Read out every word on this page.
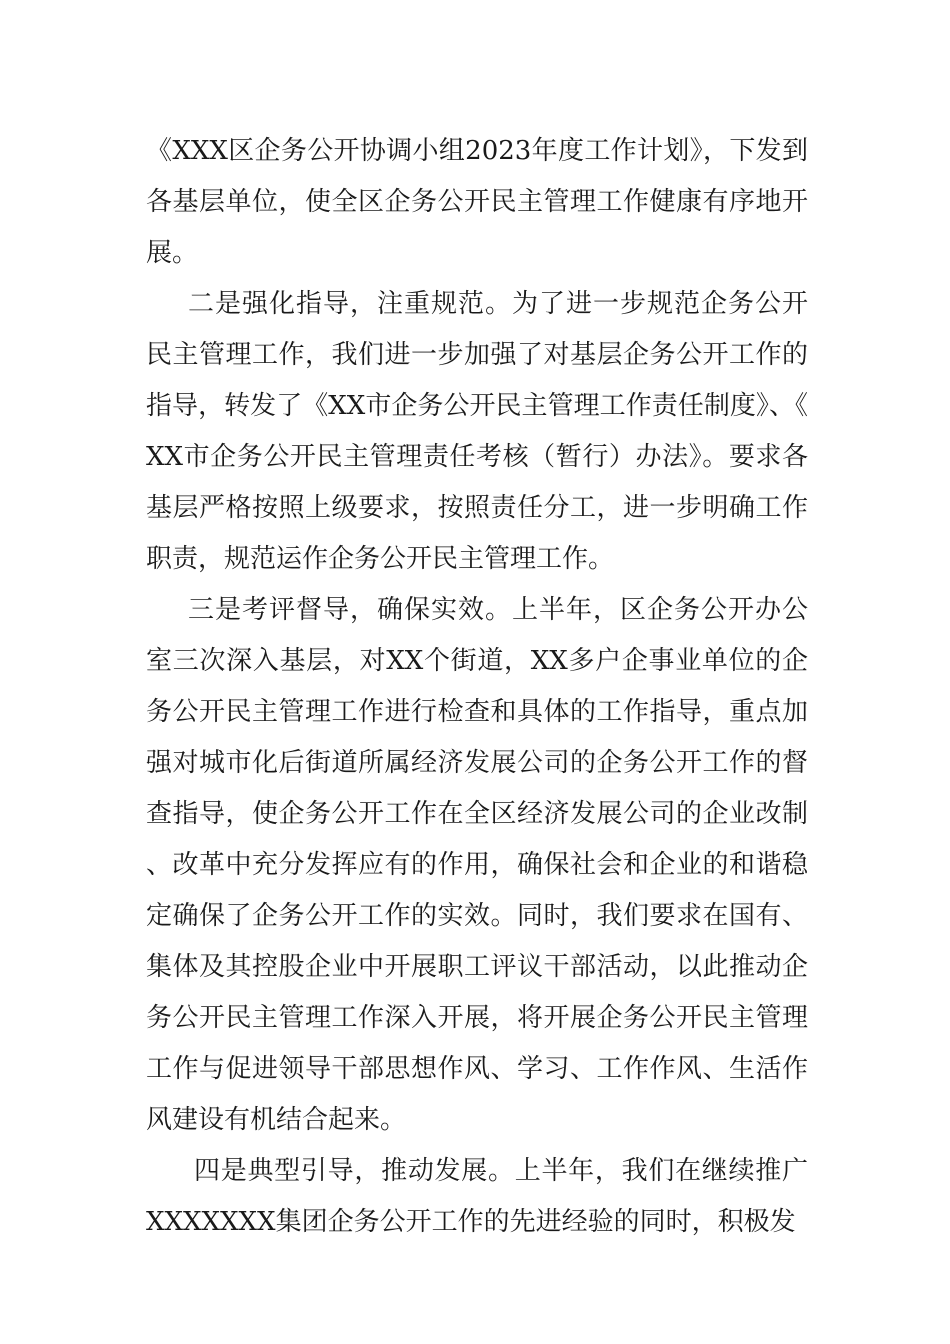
《XXX区企务公开协调小组2023年度工作计划》，下发到各基层单位，使全区企务公开民主管理工作健康有序地开展。

二是强化指导，注重规范。为了进一步规范企务公开民主管理工作，我们进一步加强了对基层企务公开工作的指导，转发了《XX市企务公开民主管理工作责任制度》、《XX市企务公开民主管理责任考核（暂行）办法》。要求各基层严格按照上级要求，按照责任分工，进一步明确工作职责，规范运作企务公开民主管理工作。

三是考评督导，确保实效。上半年，区企务公开办公室三次深入基层，对XX个街道，XX多户企事业单位的企务公开民主管理工作进行检查和具体的工作指导，重点加强对城市化后街道所属经济发展公司的企务公开工作的督查指导，使企务公开工作在全区经济发展公司的企业改制、改革中充分发挥应有的作用，确保社会和企业的和谐稳定确保了企务公开工作的实效。同时，我们要求在国有、集体及其控股企业中开展职工评议干部活动，以此推动企务公开民主管理工作深入开展，将开展企务公开民主管理工作与促进领导干部思想作风、学习、工作作风、生活作风建设有机结合起来。

四是典型引导，推动发展。上半年，我们在继续推广XXXXXXX集团企务公开工作的先进经验的同时，积极发
